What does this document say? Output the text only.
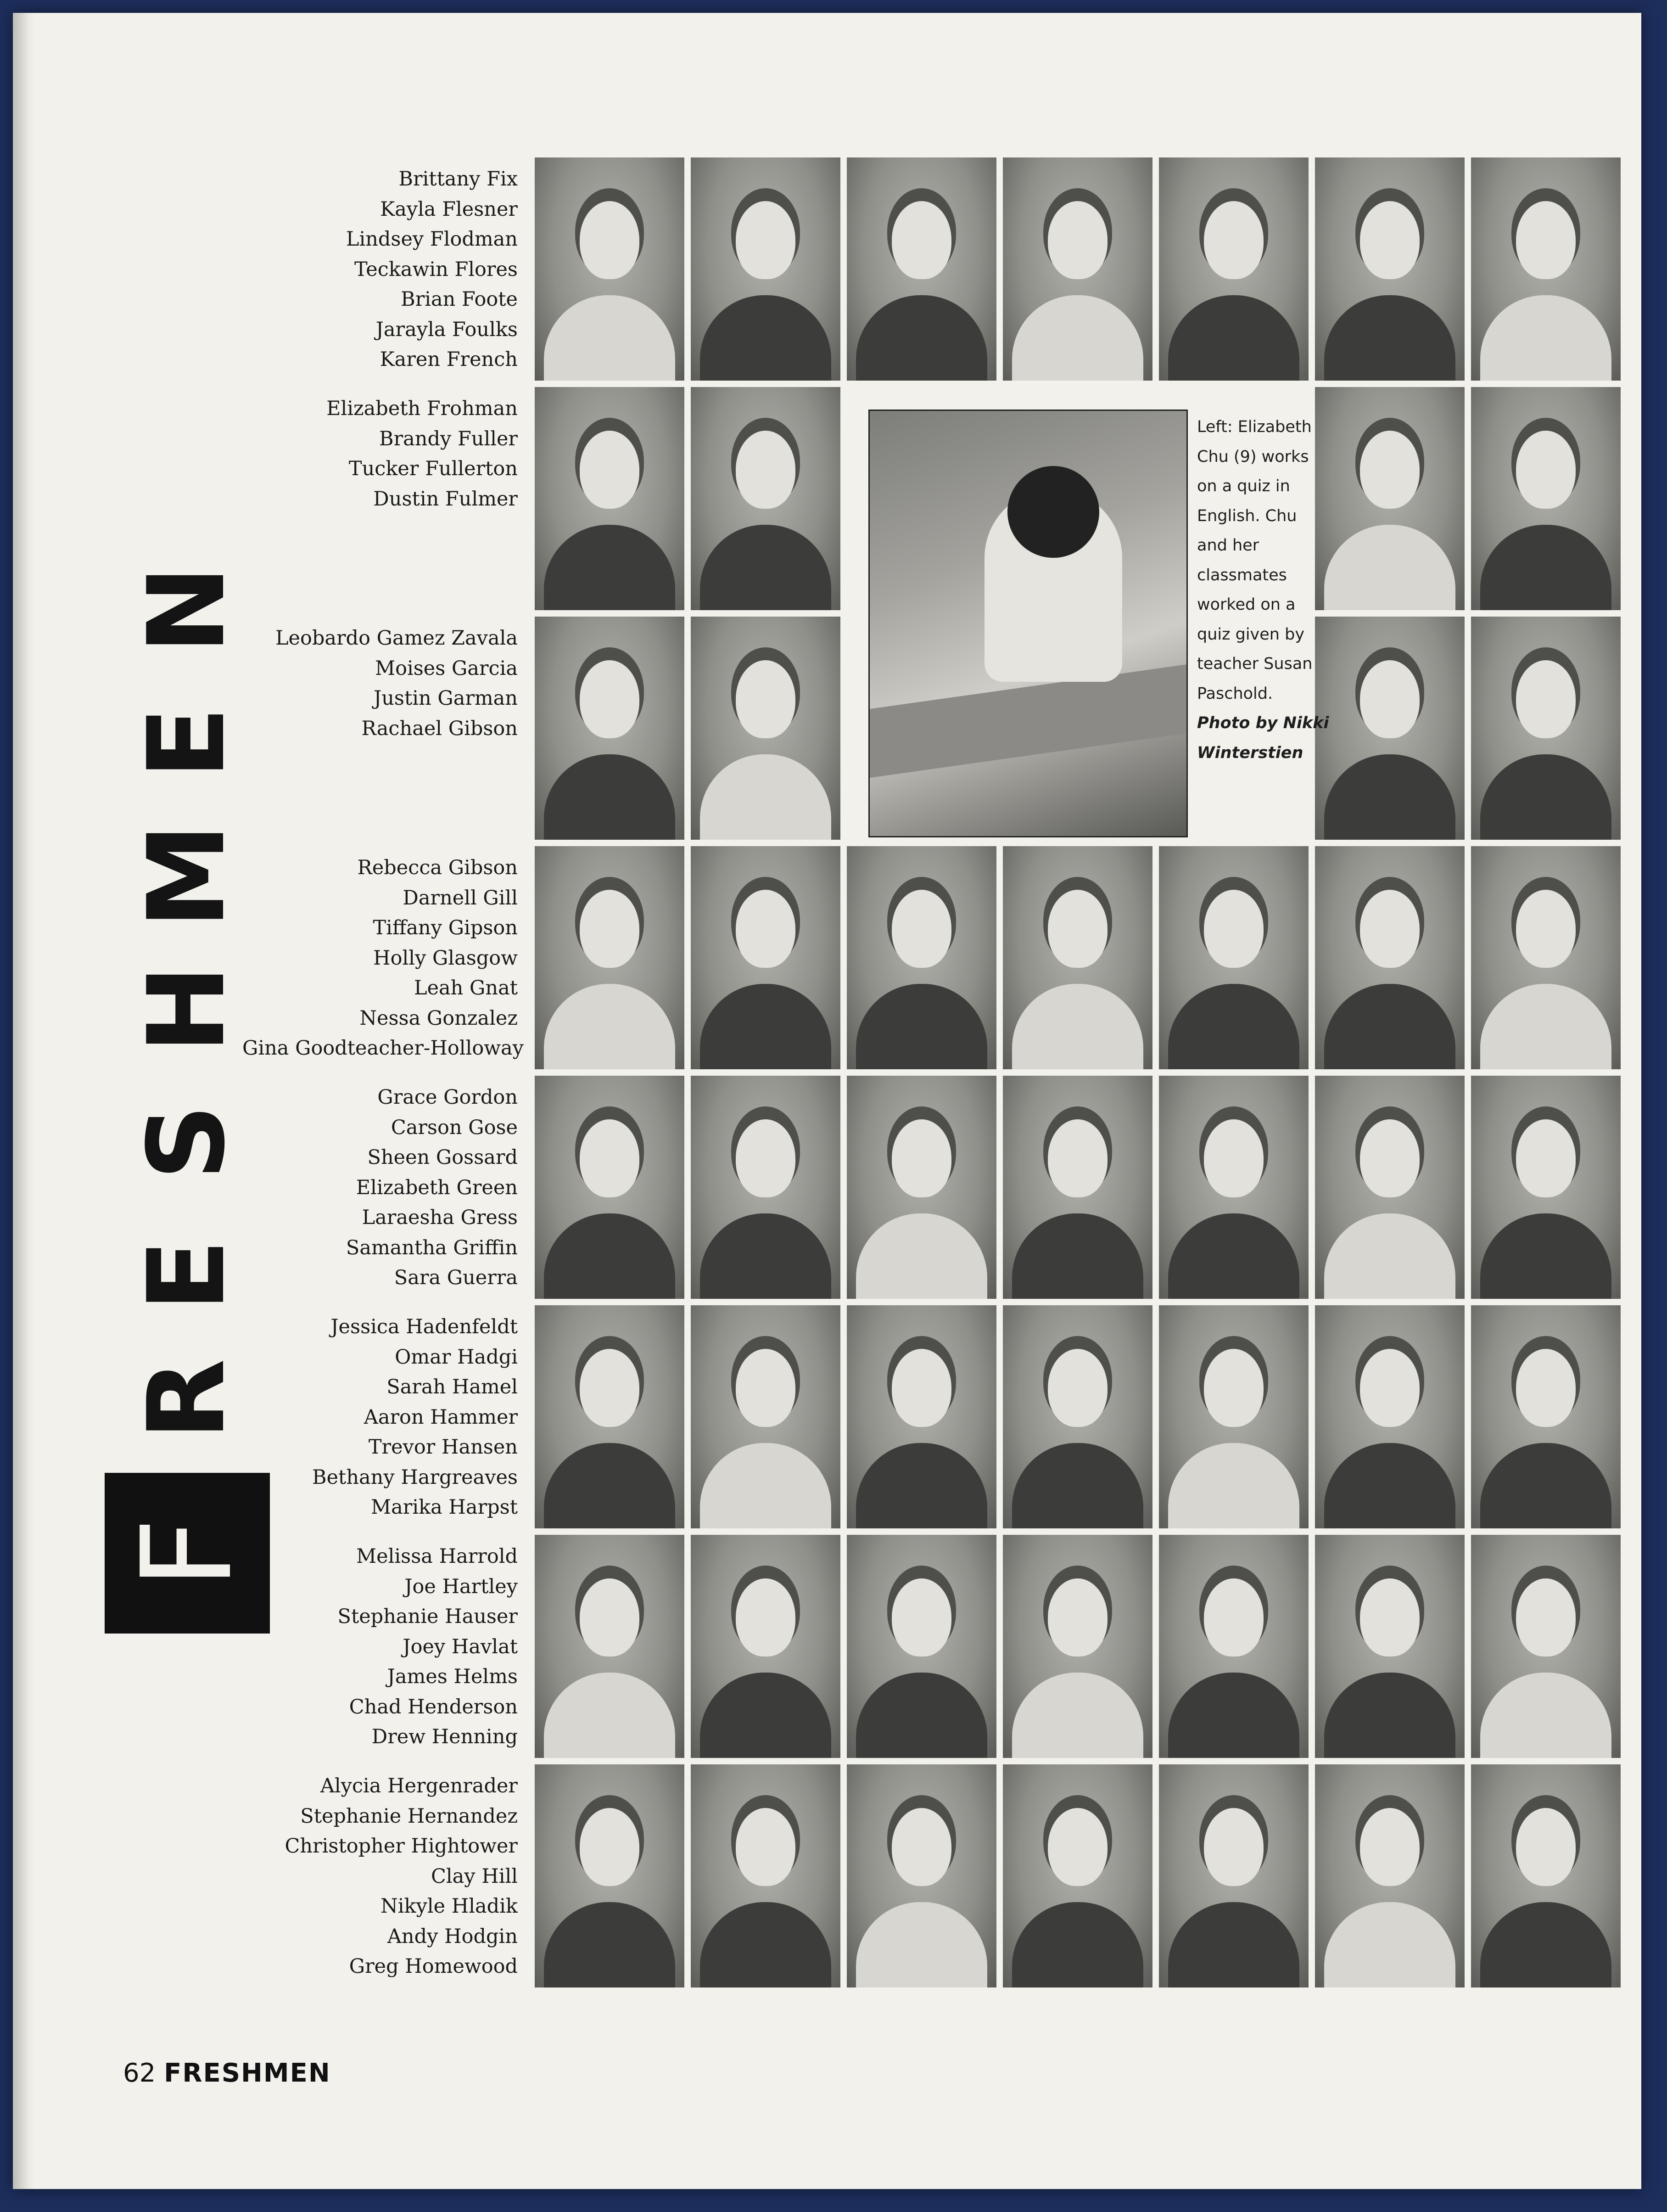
N
E
M
H
S
E
R
F
Brittany Fix
Kayla Flesner
Lindsey Flodman
Teckawin Flores
Brian Foote
Jarayla Foulks
Karen French
Elizabeth Frohman
Brandy Fuller
Tucker Fullerton
Dustin Fulmer
Leobardo Gamez Zavala
Moises Garcia
Justin Garman
Rachael Gibson
Rebecca Gibson
Darnell Gill
Tiffany Gipson
Holly Glasgow
Leah Gnat
Nessa Gonzalez
Gina Goodteacher-Holloway
Grace Gordon
Carson Gose
Sheen Gossard
Elizabeth Green
Laraesha Gress
Samantha Griffin
Sara Guerra
Jessica Hadenfeldt
Omar Hadgi
Sarah Hamel
Aaron Hammer
Trevor Hansen
Bethany Hargreaves
Marika Harpst
Melissa Harrold
Joe Hartley
Stephanie Hauser
Joey Havlat
James Helms
Chad Henderson
Drew Henning
Alycia Hergenrader
Stephanie Hernandez
Christopher Hightower
Clay Hill
Nikyle Hladik
Andy Hodgin
Greg Homewood
Left: Elizabeth Chu (9) works on a quiz in English. Chu and her classmates worked on a quiz given by teacher Susan Paschold. Photo by Nikki Winterstien
62 FRESHMEN
